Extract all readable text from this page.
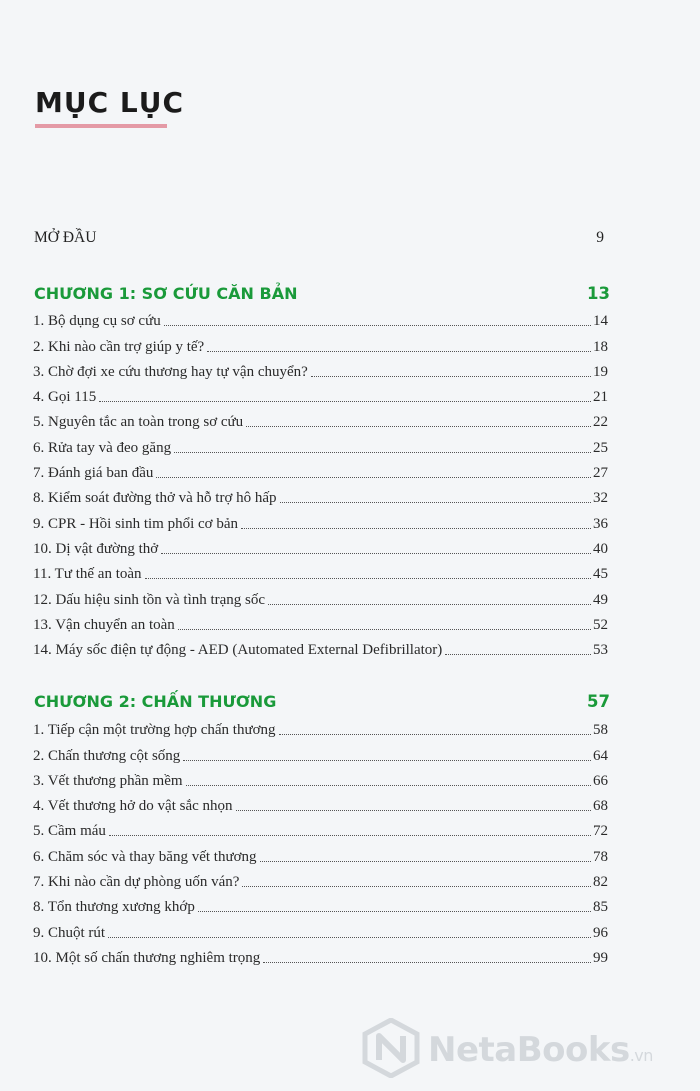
MỤC LỤC
MỞ ĐẦU	9
CHƯƠNG 1: SƠ CỨU CĂN BẢN	13
1. Bộ dụng cụ sơ cứu	14
2. Khi nào cần trợ giúp y tế?	18
3. Chờ đợi xe cứu thương hay tự vận chuyển?	19
4. Gọi 115	21
5. Nguyên tắc an toàn trong sơ cứu	22
6. Rửa tay và đeo găng	25
7. Đánh giá ban đầu	27
8. Kiểm soát đường thở và hỗ trợ hô hấp	32
9. CPR - Hồi sinh tim phổi cơ bản	36
10. Dị vật đường thở	40
11. Tư thế an toàn	45
12. Dấu hiệu sinh tồn và tình trạng sốc	49
13. Vận chuyển an toàn	52
14. Máy sốc điện tự động - AED (Automated External Defibrillator)	53
CHƯƠNG 2: CHẤN THƯƠNG	57
1. Tiếp cận một trường hợp chấn thương	58
2. Chấn thương cột sống	64
3. Vết thương phần mềm	66
4. Vết thương hở do vật sắc nhọn	68
5. Cầm máu	72
6. Chăm sóc và thay băng vết thương	78
7. Khi nào cần dự phòng uốn ván?	82
8. Tổn thương xương khớp	85
9. Chuột rút	96
10. Một số chấn thương nghiêm trọng	99
NetaBooks.vn
